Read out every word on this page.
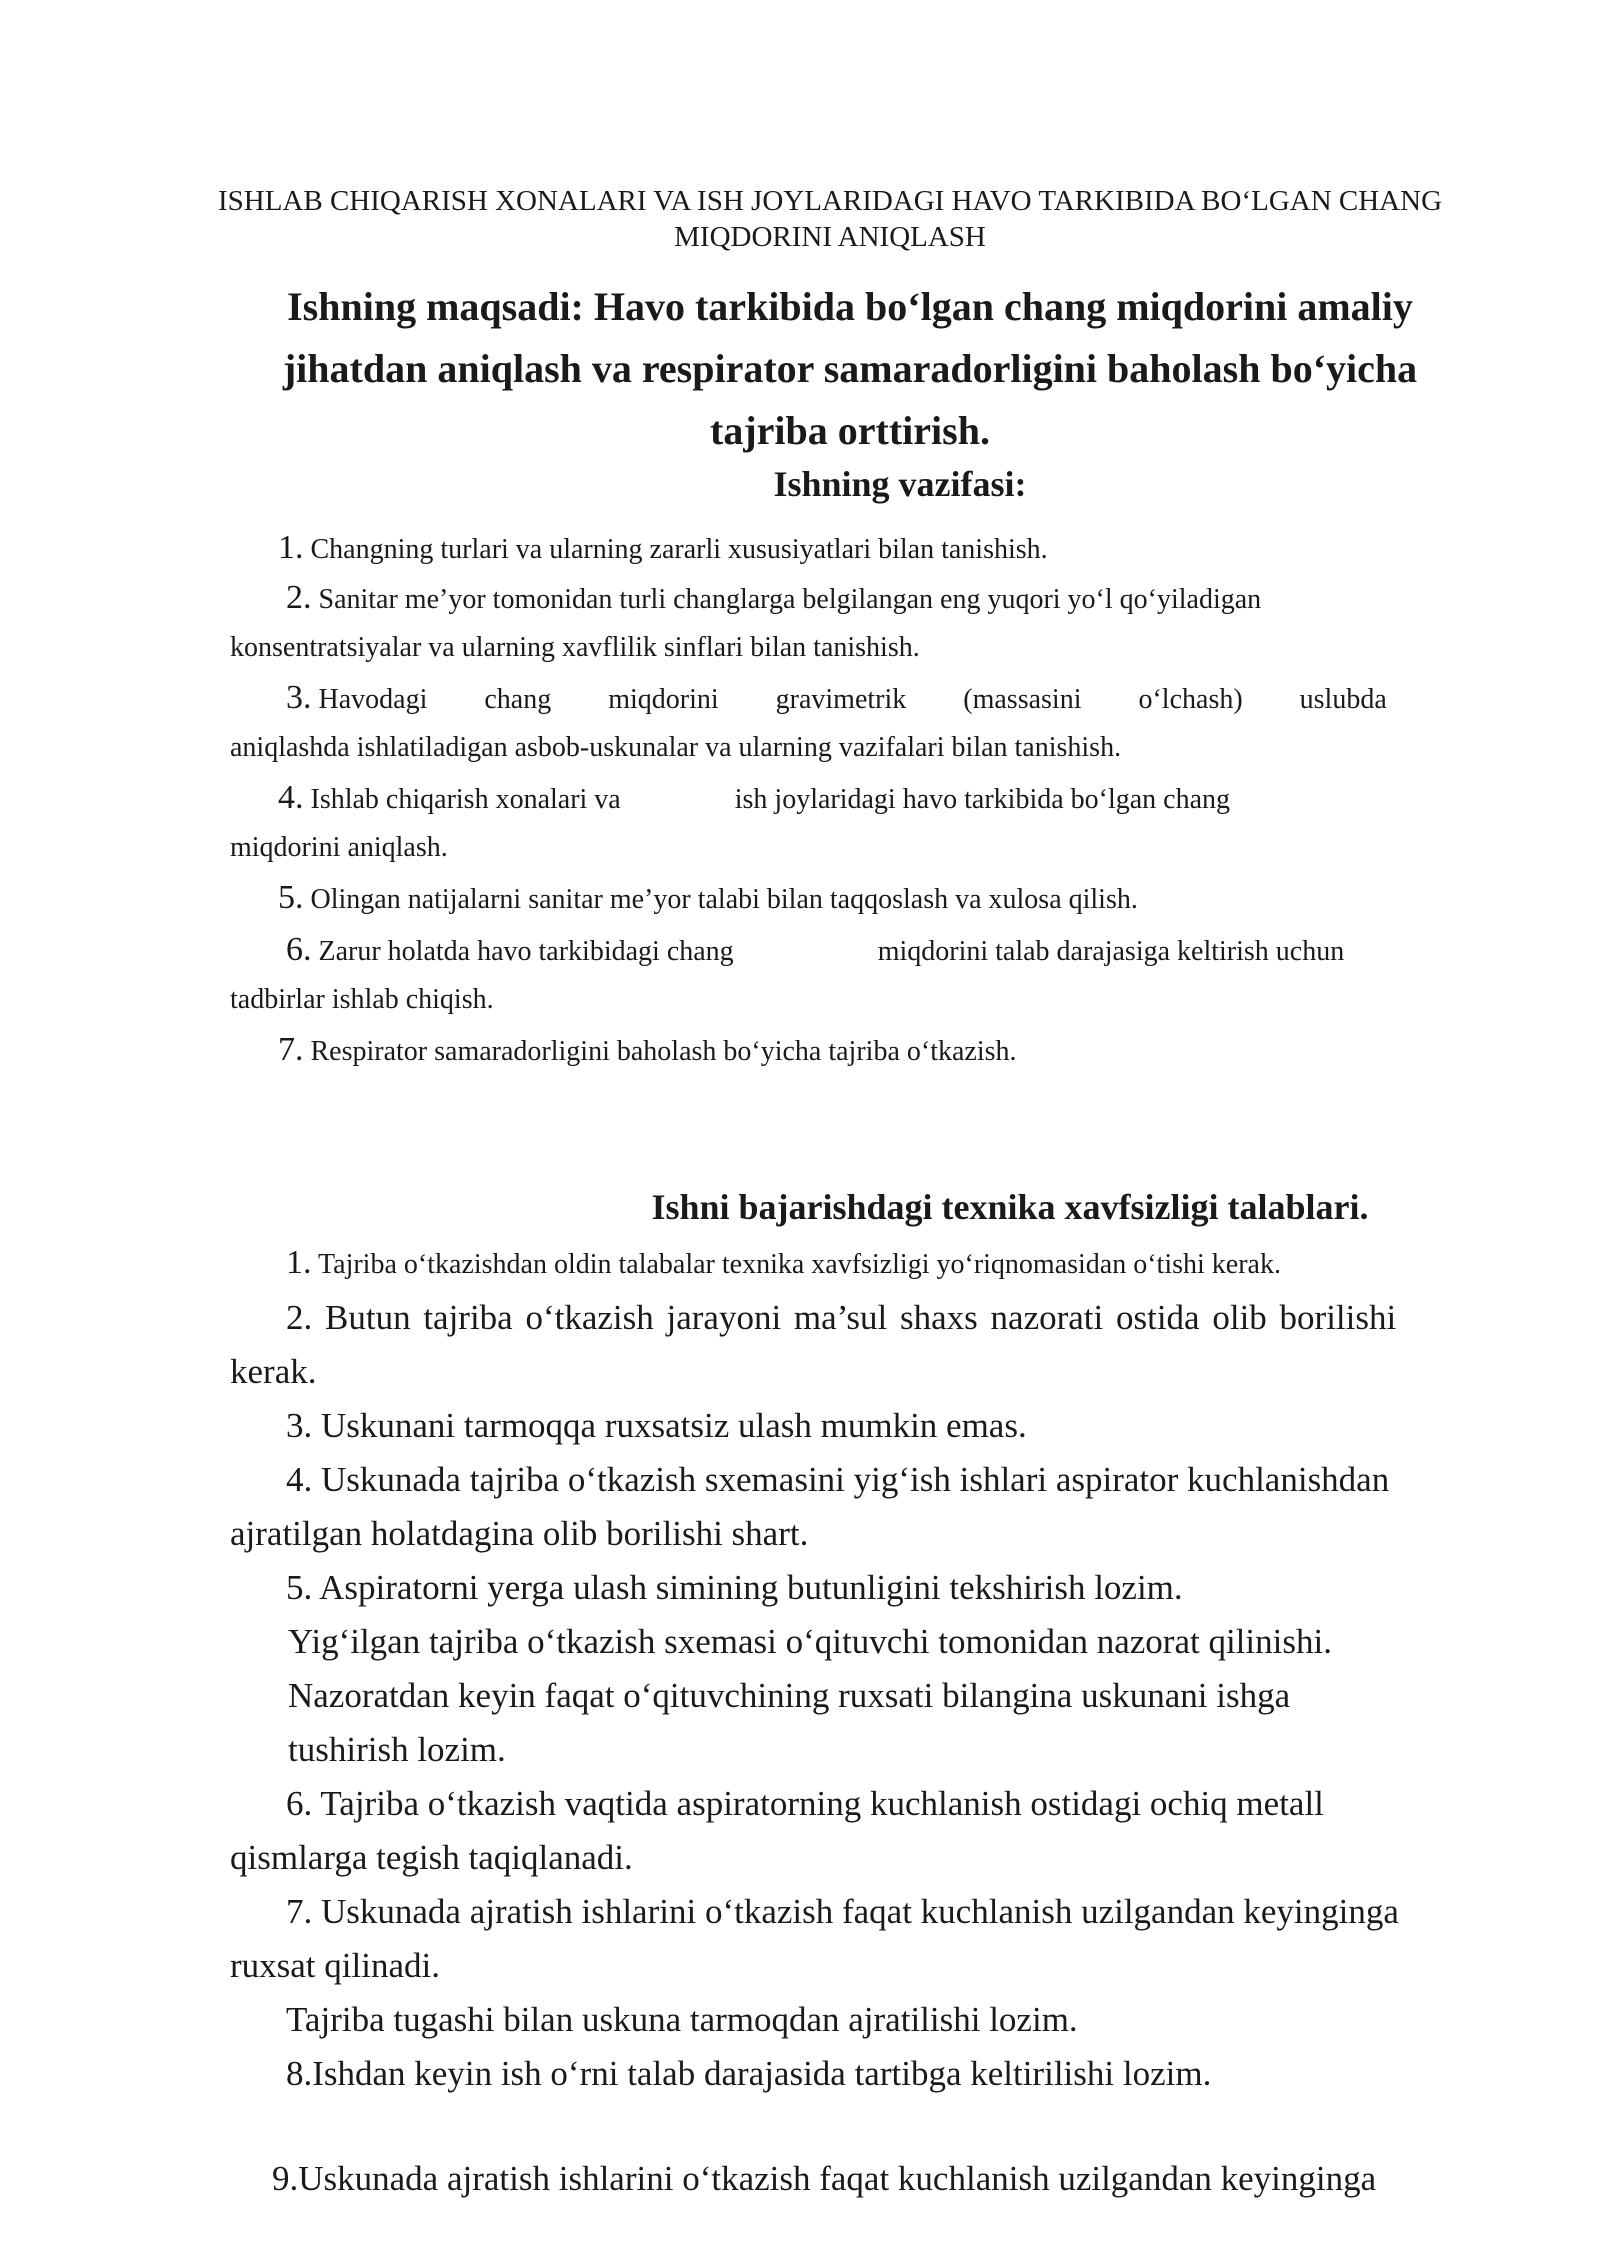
ISHLAB CHIQARISH XONALARI VA ISH JOYLARIDAGI HAVO TARKIBIDA BO‘LGAN CHANG MIQDORINI ANIQLASH

Ishning maqsadi: Havo tarkibida bo‘lgan chang miqdorini amaliy jihatdan aniqlash va respirator samaradorligini baholash bo‘yicha tajriba orttirish.

Ishning vazifasi:

1. Changning turlari va ularning zararli xususiyatlari bilan tanishish.

2. Sanitar me’yor tomonidan turli changlarga belgilangan eng yuqori yo‘l qo‘yiladigan
konsentratsiyalar va ularning xavflilik sinflari bilan tanishish.

3. Havodagi chang miqdorini gravimetrik (massasini o‘lchash) uslubda
aniqlashda ishlatiladigan asbob-uskunalar va ularning vazifalari bilan tanishish.

4. Ishlab chiqarish xonalari va	ish joylaridagi havo tarkibida bo‘lgan chang
miqdorini aniqlash.

5. Olingan natijalarni sanitar me’yor talabi bilan taqqoslash va xulosa qilish.

6. Zarur holatda havo tarkibidagi chang	miqdorini talab darajasiga keltirish uchun
tadbirlar ishlab chiqish.

7. Respirator samaradorligini baholash bo‘yicha tajriba o‘tkazish.

Ishni bajarishdagi texnika xavfsizligi talablari.

1. Tajriba o‘tkazishdan oldin talabalar texnika xavfsizligi yo‘riqnomasidan o‘tishi kerak.

2. Butun tajriba o‘tkazish jarayoni ma’sul shaxs nazorati ostida olib borilishi
kerak.

3. Uskunani tarmoqqa ruxsatsiz ulash mumkin emas.

4. Uskunada tajriba o‘tkazish sxemasini yig‘ish ishlari aspirator kuchlanishdan
ajratilgan holatdagina olib borilishi shart.

5. Aspiratorni yerga ulash simining butunligini tekshirish lozim.

Yig‘ilgan tajriba o‘tkazish sxemasi o‘qituvchi tomonidan nazorat qilinishi.
Nazoratdan keyin faqat o‘qituvchining ruxsati bilangina uskunani ishga
tushirish lozim.

6. Tajriba o‘tkazish vaqtida aspiratorning kuchlanish ostidagi ochiq metall
qismlarga tegish taqiqlanadi.

7. Uskunada ajratish ishlarini o‘tkazish faqat kuchlanish uzilgandan keyinginga
ruxsat qilinadi.

Tajriba tugashi bilan uskuna tarmoqdan ajratilishi lozim.

8.Ishdan keyin ish o‘rni talab darajasida tartibga keltirilishi lozim.

9.Uskunada ajratish ishlarini o‘tkazish faqat kuchlanish uzilgandan keyinginga
